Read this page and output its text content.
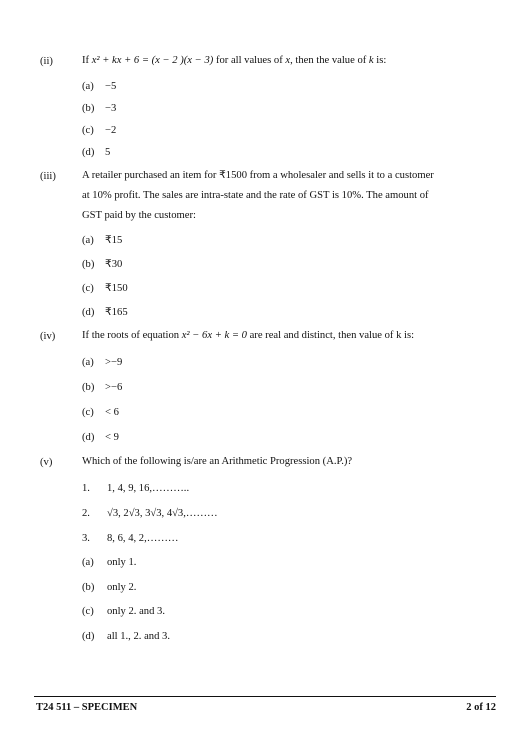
(ii)	If x² + kx + 6 = (x − 2 )(x − 3) for all values of x, then the value of k is:
(a) −5
(b) −3
(c) −2
(d) 5
(iii) A retailer purchased an item for ₹1500 from a wholesaler and sells it to a customer
at 10% profit. The sales are intra-state and the rate of GST is 10%. The amount of
GST paid by the customer:
(a) ₹15
(b) ₹30
(c) ₹150
(d) ₹165
(iv)	If the roots of equation x² − 6x + k = 0 are real and distinct, then value of k is:
(a) >−9
(b) >−6
(c) < 6
(d) < 9
(v)	Which of the following is/are an Arithmetic Progression (A.P.)?
1. 1, 4, 9, 16,………..
2. √3, 2√3, 3√3, 4√3,………
3. 8, 6, 4, 2,………
(a) only 1.
(b) only 2.
(c) only 2. and 3.
(d) all 1., 2. and 3.
T24 511 – SPECIMEN	2 of 12
